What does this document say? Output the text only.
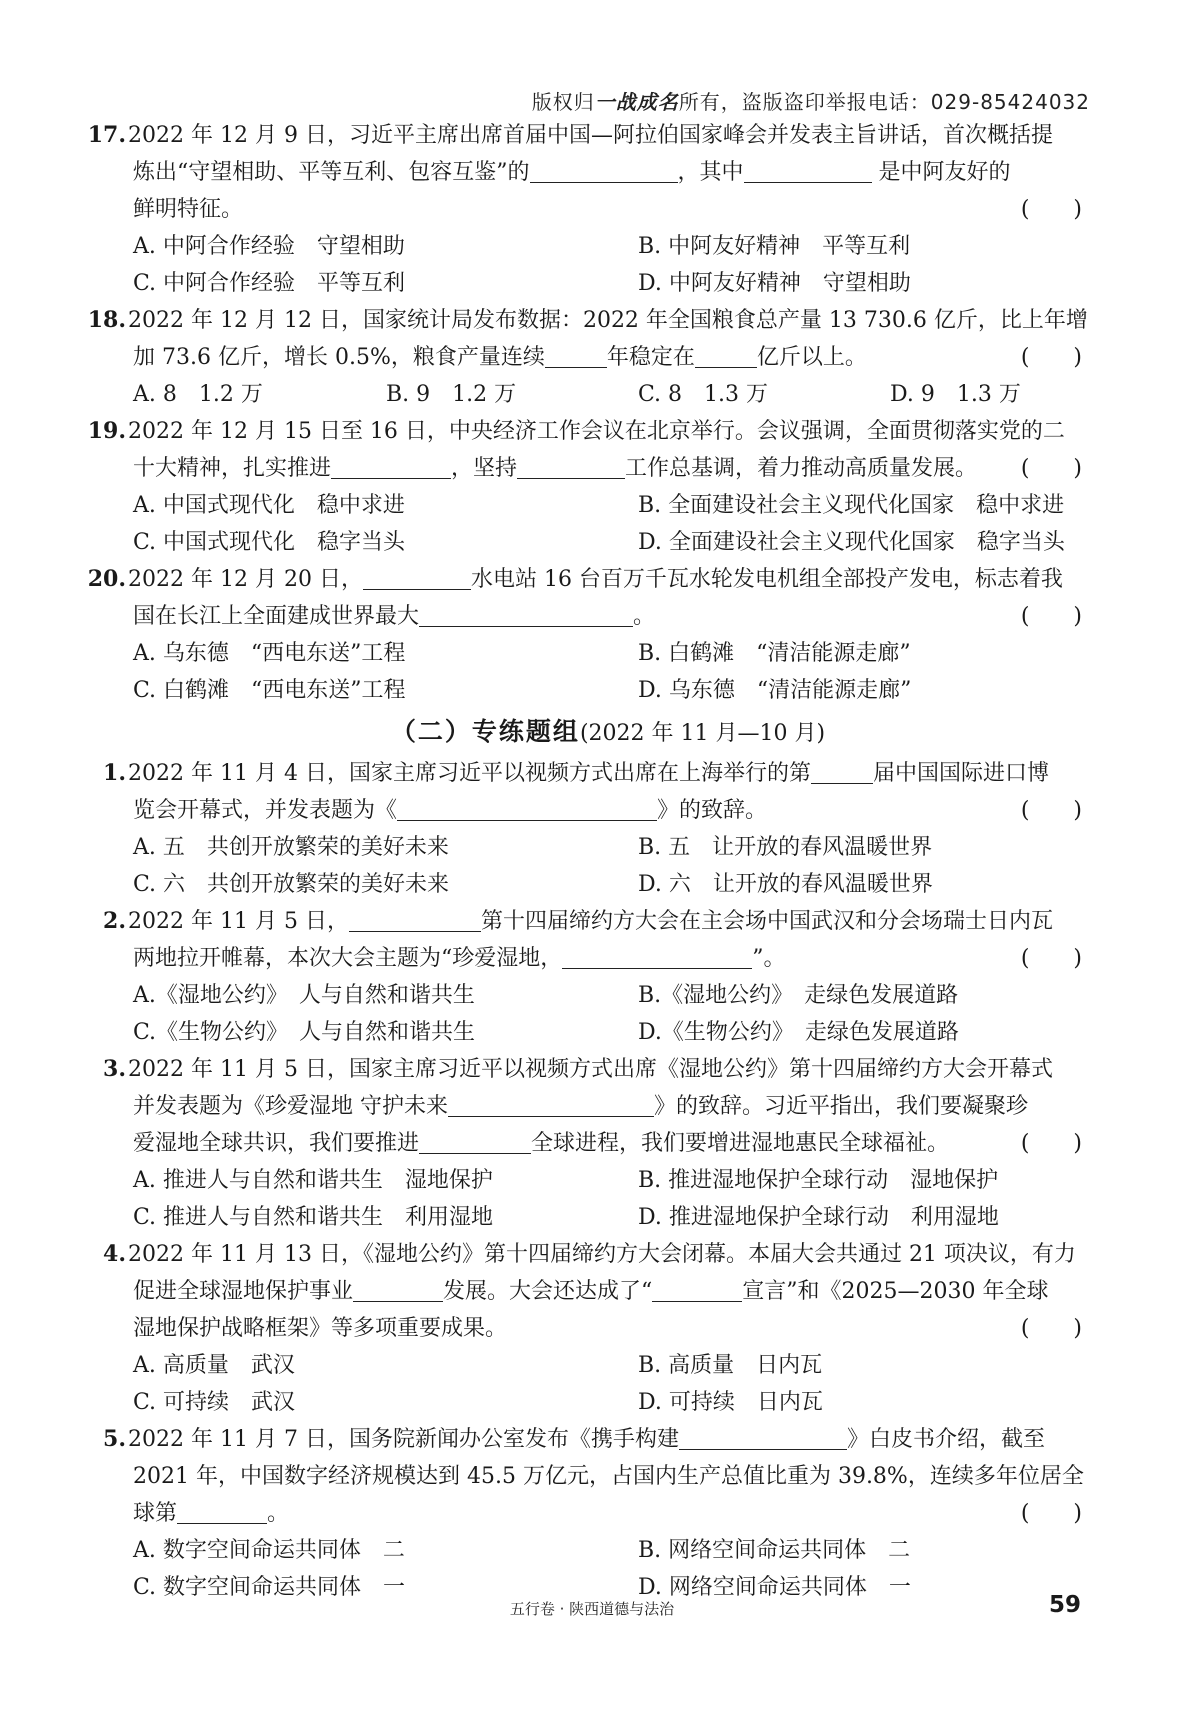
版权归一战成名所有，盗版盗印举报电话：029-85424032
17. 2022 年 12 月 9 日，习近平主席出席首届中国—阿拉伯国家峰会并发表主旨讲话，首次概括提
炼出“守望相助、平等互利、包容互鉴”的	，其中	是中阿友好的
鲜明特征。	(　　)
A. 中阿合作经验　守望相助	B. 中阿友好精神　平等互利
C. 中阿合作经验　平等互利	D. 中阿友好精神　守望相助
18. 2022 年 12 月 12 日，国家统计局发布数据：2022 年全国粮食总产量 13 730.6 亿斤，比上年增
加 73.6 亿斤，增长 0.5%，粮食产量连续	年稳定在	亿斤以上。	(　　)
A. 8　1.2 万	B. 9　1.2 万	C. 8　1.3 万	D. 9　1.3 万
19. 2022 年 12 月 15 日至 16 日，中央经济工作会议在北京举行。会议强调，全面贯彻落实党的二
十大精神，扎实推进	，坚持	工作总基调，着力推动高质量发展。 (　　)
A. 中国式现代化　稳中求进	B. 全面建设社会主义现代化国家　稳中求进
C. 中国式现代化　稳字当头	D. 全面建设社会主义现代化国家　稳字当头
20. 2022 年 12 月 20 日，	水电站 16 台百万千瓦水轮发电机组全部投产发电，标志着我
国在长江上全面建成世界最大	。	(　　)
A. 乌东德　“西电东送”工程	B. 白鹤滩　“清洁能源走廊”
C. 白鹤滩　“西电东送”工程	D. 乌东德　“清洁能源走廊”
（二）专练题组(2022 年 11 月—10 月)
1. 2022 年 11 月 4 日，国家主席习近平以视频方式出席在上海举行的第	届中国国际进口博
览会开幕式，并发表题为《	》的致辞。	(　　)
A. 五　共创开放繁荣的美好未来	B. 五　让开放的春风温暖世界
C. 六　共创开放繁荣的美好未来	D. 六　让开放的春风温暖世界
2. 2022 年 11 月 5 日，	第十四届缔约方大会在主会场中国武汉和分会场瑞士日内瓦
两地拉开帷幕，本次大会主题为“珍爱湿地，	”。	(　　)
A.《湿地公约》　人与自然和谐共生	B.《湿地公约》　走绿色发展道路
C.《生物公约》　人与自然和谐共生	D.《生物公约》　走绿色发展道路
3. 2022 年 11 月 5 日，国家主席习近平以视频方式出席《湿地公约》第十四届缔约方大会开幕式
并发表题为《珍爱湿地 守护未来	》的致辞。习近平指出，我们要凝聚珍
爱湿地全球共识，我们要推进	全球进程，我们要增进湿地惠民全球福祉。	(　　)
A. 推进人与自然和谐共生　湿地保护	B. 推进湿地保护全球行动　湿地保护
C. 推进人与自然和谐共生　利用湿地	D. 推进湿地保护全球行动　利用湿地
4. 2022 年 11 月 13 日，《湿地公约》第十四届缔约方大会闭幕。本届大会共通过 21 项决议，有力
促进全球湿地保护事业	发展。大会还达成了“	宣言”和《2025—2030 年全球
湿地保护战略框架》等多项重要成果。	(　　)
A. 高质量　武汉	B. 高质量　日内瓦
C. 可持续　武汉	D. 可持续　日内瓦
5. 2022 年 11 月 7 日，国务院新闻办公室发布《携手构建	》白皮书介绍，截至
2021 年，中国数字经济规模达到 45.5 万亿元，占国内生产总值比重为 39.8%，连续多年位居全
球第	。	(　　)
A. 数字空间命运共同体　二	B. 网络空间命运共同体　二
C. 数字空间命运共同体　一	D. 网络空间命运共同体　一
五行卷 · 陕西道德与法治	59
